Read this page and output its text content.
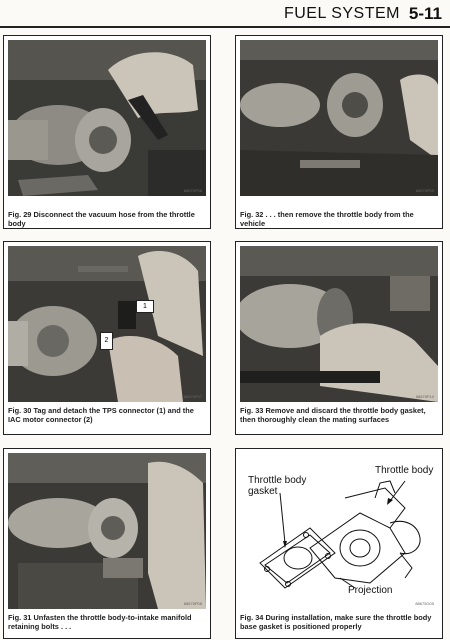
FUEL SYSTEM 5-11
88675P06
Fig. 29 Disconnect the vacuum hose from the throttle body
1
2
88675P07
Fig. 30 Tag and detach the TPS connector (1) and the IAC motor connector (2)
88675P08
Fig. 31 Unfasten the throttle body-to-intake manifold retaining bolts . . .
88675P09
Fig. 32 . . . then remove the throttle body from the vehicle
88675P10
Fig. 33 Remove and discard the throttle body gasket, then thoroughly clean the mating surfaces
Throttle body
gasket
Throttle body
Projection
88675G05
Fig. 34 During installation, make sure the throttle body base gasket is positioned properly
